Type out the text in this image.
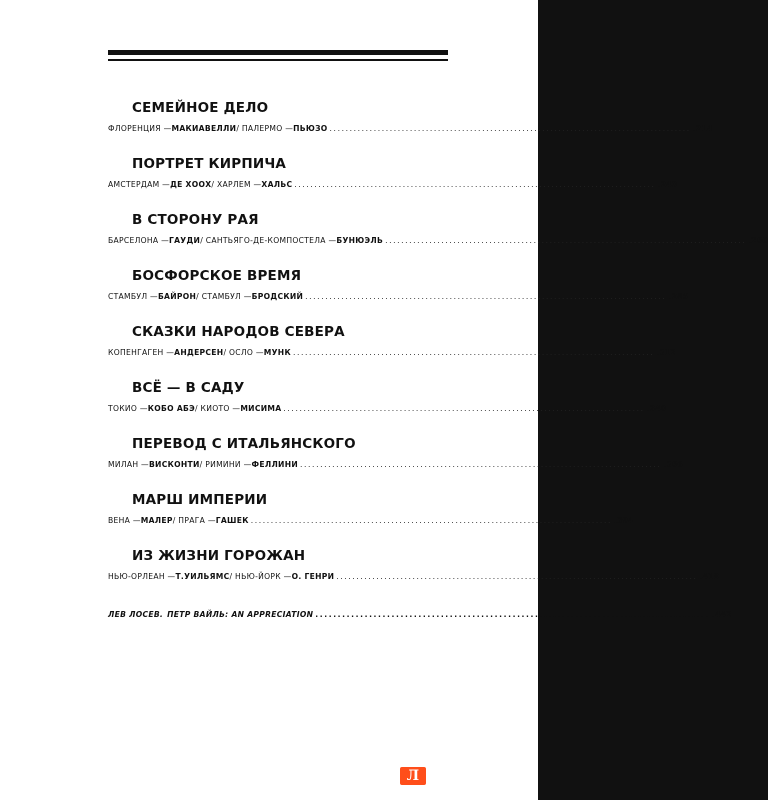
СЕМЕЙНОЕ ДЕЛО
ФЛОРЕНЦИЯ — МАКИАВЕЛЛИ / ПАЛЕРМО — ПЬЮЗО .......................................................................................... .214
ПОРТРЕТ КИРПИЧА
АМСТЕРДАМ — ДЕ ХООХ / ХАРЛЕМ — ХАЛЬС .......................................................................................... .240
В СТОРОНУ РАЯ
БАРСЕЛОНА — ГАУДИ / САНТЬЯГО-ДЕ-КОМПОСТЕЛА — БУНЮЭЛЬ .......................................................................................... .260
БОСФОРСКОЕ ВРЕМЯ
СТАМБУЛ — БАЙРОН / СТАМБУЛ — БРОДСКИЙ .......................................................................................... .286
СКАЗКИ НАРОДОВ СЕВЕРА
КОПЕНГАГЕН — АНДЕРСЕН / ОСЛО — МУНК .......................................................................................... .312
ВСЁ — В САДУ
ТОКИО — КОБО АБЭ / КИОТО — МИСИМА .......................................................................................... .340
ПЕРЕВОД С ИТАЛЬЯНСКОГО
МИЛАН — ВИСКОНТИ / РИМИНИ — ФЕЛЛИНИ .......................................................................................... .366
МАРШ ИМПЕРИИ
ВЕНА — МАЛЕР / ПРАГА — ГАШЕК .......................................................................................... .394
ИЗ ЖИЗНИ ГОРОЖАН
НЬЮ-ОРЛЕАН — Т.УИЛЬЯМС / НЬЮ-ЙОРК — О. ГЕНРИ .......................................................................................... .418
ЛЕВ ЛОСЕВ. ПЕТР ВАЙЛЬ: AN APPRECIATION ........................................................................................ .442
Л
